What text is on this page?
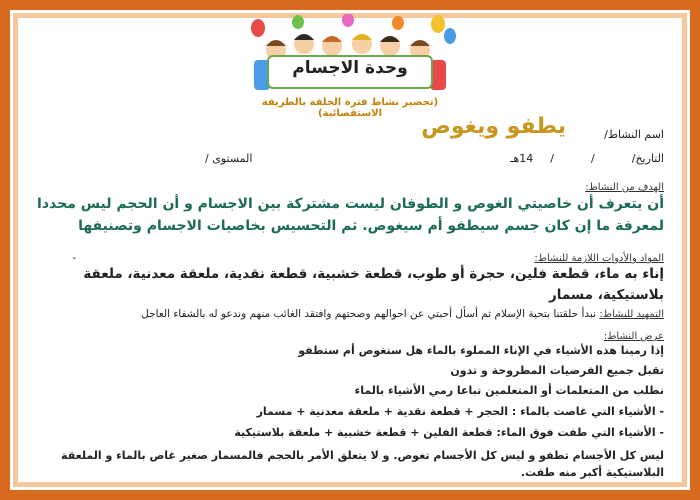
وحدة الاجسام
(تحضير نشاط فترة الحلقة بالطريقة الاستقصائية)
اسم النشاط/
يطفو ويغوص
التاريخ/  /  /  14هـ
المستوى /
الهدف من النشاط:
أن يتعرف أن خاصيتي الغوص و الطوفان ليست مشتركة بين الاجسام و أن الحجم ليس محددا لمعرفة ما إن كان جسم سيطفو أم سيغوص. ثم التحسيس بخاصيات الاجسام وتصنيفها
المواد والأدوات اللازمة للنشاط:
-
إناء به ماء، قطعة فلين، حجرة أو طوب، قطعة خشبية، قطعة نقدية، ملعقة معدنية، ملعقة بلاستيكية، مسمار
التمهيد للنشاط: نبدأ حلقتنا بتحية الإسلام ثم أسأل أحبتي عن احوالهم وصحتهم وافتقد الغائب منهم وندعو له بالشفاء العاجل
عرض النشاط:
إذا رمينا هذه الأشياء في الإناء المملوء بالماء هل ستغوص أم ستطفو
تقبل جميع الفرضيات المطروحة و تدون
نطلب من المتعلمات أو المتعلمين تباعا رمي الأشياء بالماء
- الأشياء التي غاصت بالماء : الحجر + قطعة نقدية + ملعقة معدنية + مسمار
- الأشياء التي طفت فوق الماء: قطعة الفلين + قطعة خشبية + ملعقة بلاستيكية
ليس كل الأجسام تطفو و ليس كل الأجسام تغوص. و لا يتعلق الأمر بالحجم فالمسمار صغير غاص بالماء و الملعقة البلاستيكية أكبر منه طفت.
